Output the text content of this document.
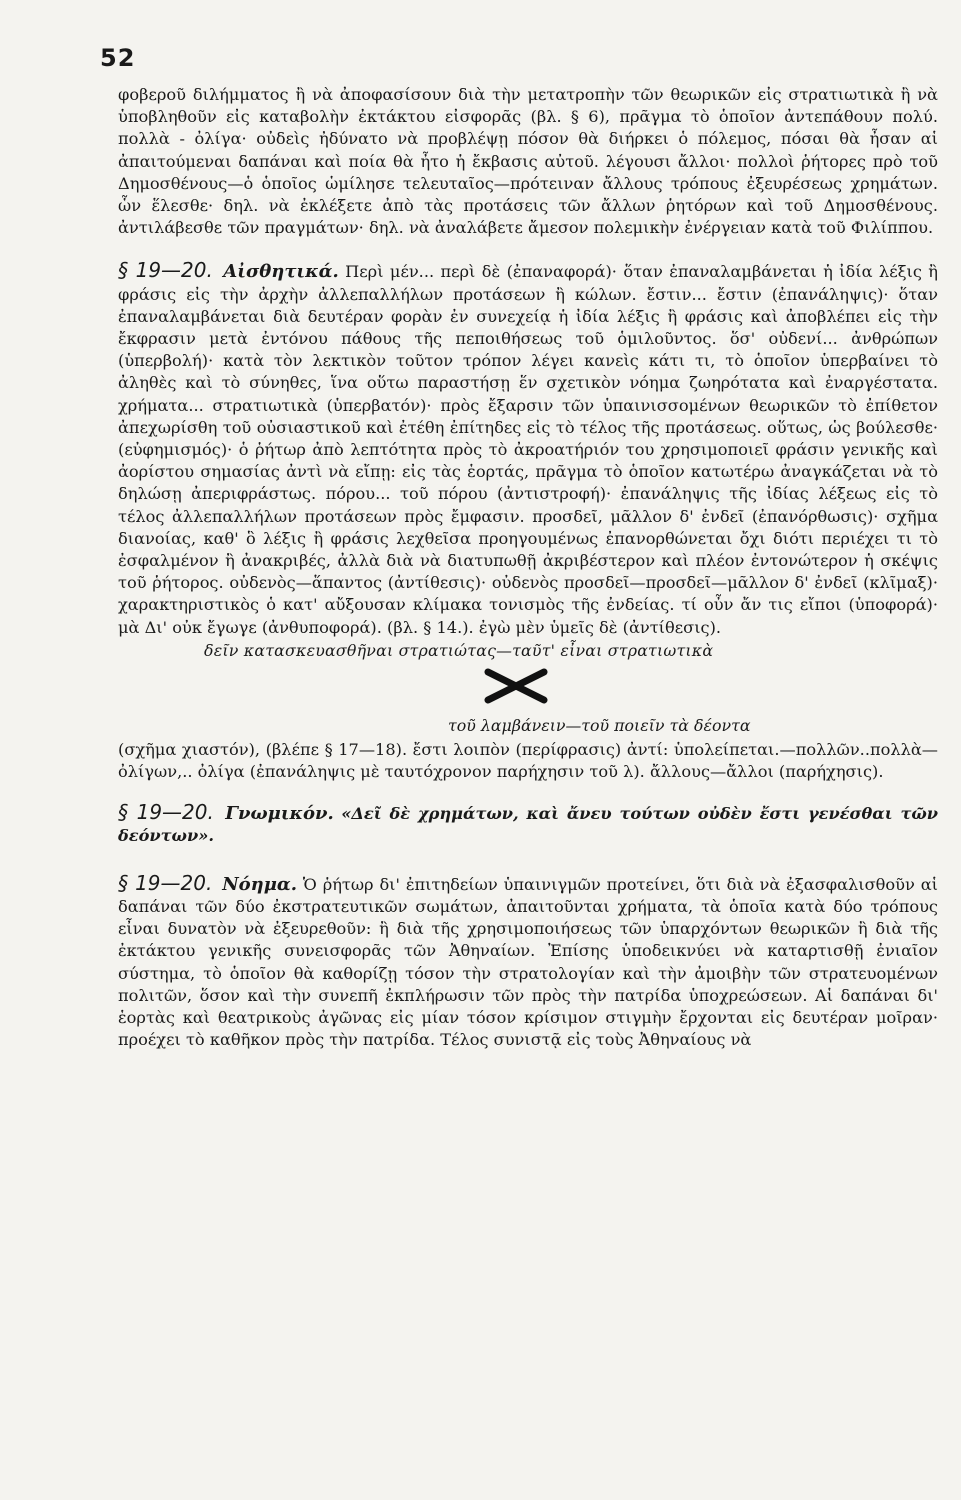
52

φοβεροῦ διλήμματος ἢ νὰ ἀποφασίσουν διὰ τὴν μετατροπὴν τῶν θεωρικῶν εἰς στρατιωτικὰ ἢ νὰ ὑποβληθοῦν εἰς καταβολὴν ἐκτάκτου εἰσφορᾶς (βλ. § 6), πρᾶγμα τὸ ὁποῖον ἀντεπάθουν πολύ. πολλὰ - ὀλίγα· οὐδεὶς ἠδύνατο νὰ προβλέψῃ πόσον θὰ διήρκει ὁ πόλεμος, πόσαι θὰ ἦσαν αἱ ἀπαιτούμεναι δαπάναι καὶ ποία θὰ ἦτο ἡ ἔκβασις αὐτοῦ. λέγουσι ἄλλοι· πολλοὶ ῥήτορες πρὸ τοῦ Δημοσθένους—ὁ ὁποῖος ὡμίλησε τελευταῖος—πρότειναν ἄλλους τρόπους ἐξευρέσεως χρημάτων. ὧν ἕλεσθε· δηλ. νὰ ἐκλέξετε ἀπὸ τὰς προτάσεις τῶν ἄλλων ῥητόρων καὶ τοῦ Δημοσθένους. ἀντιλάβεσθε τῶν πραγμάτων· δηλ. νὰ ἀναλάβετε ἄμεσον πολεμικὴν ἐνέργειαν κατὰ τοῦ Φιλίππου.

§ 19—20. Αἰσθητικά. Περὶ μέν... περὶ δὲ (ἐπαναφορά)· ὅταν ἐπαναλαμβάνεται ἡ ἰδία λέξις ἢ φράσις εἰς τὴν ἀρχὴν ἀλλεπαλλήλων προτάσεων ἢ κώλων. ἔστιν... ἔστιν (ἐπανάληψις)· ὅταν ἐπαναλαμβάνεται διὰ δευτέραν φορὰν ἐν συνεχείᾳ ἡ ἰδία λέξις ἢ φράσις καὶ ἀποβλέπει εἰς τὴν ἔκφρασιν μετὰ ἐντόνου πάθους τῆς πεποιθήσεως τοῦ ὁμιλοῦντος. ὅσ' οὐδενί... ἀνθρώπων (ὑπερβολή)· κατὰ τὸν λεκτικὸν τοῦτον τρόπον λέγει κανεὶς κάτι τι, τὸ ὁποῖον ὑπερβαίνει τὸ ἀληθὲς καὶ τὸ σύνηθες, ἵνα οὕτω παραστήσῃ ἕν σχετικὸν νόημα ζωηρότατα καὶ ἐναργέστατα. χρήματα... στρατιωτικὰ (ὑπερβατόν)· πρὸς ἔξαρσιν τῶν ὑπαινισσομένων θεωρικῶν τὸ ἐπίθετον ἀπεχωρίσθη τοῦ οὐσιαστικοῦ καὶ ἐτέθη ἐπίτηδες εἰς τὸ τέλος τῆς προτάσεως. οὕτως, ὡς βούλεσθε· (εὐφημισμός)· ὁ ῥήτωρ ἀπὸ λεπτότητα πρὸς τὸ ἀκροατήριόν του χρησιμοποιεῖ φράσιν γενικῆς καὶ ἀορίστου σημασίας ἀντὶ νὰ εἴπῃ: εἰς τὰς ἑορτάς, πρᾶγμα τὸ ὁποῖον κατωτέρω ἀναγκάζεται νὰ τὸ δηλώσῃ ἀπεριφράστως. πόρου... τοῦ πόρου (ἀντιστροφή)· ἐπανάληψις τῆς ἰδίας λέξεως εἰς τὸ τέλος ἀλλεπαλλήλων προτάσεων πρὸς ἔμφασιν. προσδεῖ, μᾶλλον δ' ἐνδεῖ (ἐπανόρθωσις)· σχῆμα διανοίας, καθ' ὃ λέξις ἢ φράσις λεχθεῖσα προηγουμένως ἐπανορθώνεται ὄχι διότι περιέχει τι τὸ ἐσφαλμένον ἢ ἀνακριβές, ἀλλὰ διὰ νὰ διατυπωθῇ ἀκριβέστερον καὶ πλέον ἐντονώτερον ἡ σκέψις τοῦ ῥήτορος. οὐδενὸς—ἅπαντος (ἀντίθεσις)· οὐδενὸς προσδεῖ—προσδεῖ—μᾶλλον δ' ἐνδεῖ (κλῖμαξ)· χαρακτηριστικὸς ὁ κατ' αὔξουσαν κλίμακα τονισμὸς τῆς ἐνδείας. τί οὖν ἄν τις εἴποι (ὑποφορά)· μὰ Δι' οὐκ ἔγωγε (ἀνθυποφορά). (βλ. § 14.). ἐγὼ μὲν ὑμεῖς δὲ (ἀντίθεσις).

δεῖν κατασκευασθῆναι στρατιώτας—ταῦτ' εἶναι στρατιωτικὰ
τοῦ λαμβάνειν—τοῦ ποιεῖν τὰ δέοντα

(σχῆμα χιαστόν), (βλέπε § 17—18). ἔστι λοιπὸν (περίφρασις) ἀντί: ὑπολείπεται.—πολλῶν..πολλὰ—ὀλίγων,.. ὀλίγα (ἐπανάληψις μὲ ταυτόχρονον παρήχησιν τοῦ λ). ἄλλους—ἄλλοι (παρήχησις).

§ 19—20. Γνωμικόν. «Δεῖ δὲ χρημάτων, καὶ ἄνευ τούτων οὐδὲν ἔστι γενέσθαι τῶν δεόντων».

§ 19—20. Νόημα. Ὁ ῥήτωρ δι' ἐπιτηδείων ὑπαινιγμῶν προτείνει, ὅτι διὰ νὰ ἐξασφαλισθοῦν αἱ δαπάναι τῶν δύο ἐκστρατευτικῶν σωμάτων, ἀπαιτοῦνται χρήματα, τὰ ὁποῖα κατὰ δύο τρόπους εἶναι δυνατὸν νὰ ἐξευρεθοῦν: ἢ διὰ τῆς χρησιμοποιήσεως τῶν ὑπαρχόντων θεωρικῶν ἢ διὰ τῆς ἐκτάκτου γενικῆς συνεισφορᾶς τῶν Ἀθηναίων. Ἐπίσης ὑποδεικνύει νὰ καταρτισθῇ ἐνιαῖον σύστημα, τὸ ὁποῖον θὰ καθορίζῃ τόσον τὴν στρατολογίαν καὶ τὴν ἀμοιβὴν τῶν στρατευομένων πολιτῶν, ὅσον καὶ τὴν συνεπῆ ἐκπλήρωσιν τῶν πρὸς τὴν πατρίδα ὑποχρεώσεων. Αἱ δαπάναι δι' ἑορτὰς καὶ θεατρικοὺς ἀγῶνας εἰς μίαν τόσον κρίσιμον στιγμὴν ἔρχονται εἰς δευτέραν μοῖραν· προέχει τὸ καθῆκον πρὸς τὴν πατρίδα. Τέλος συνιστᾷ εἰς τοὺς Ἀθηναίους νὰ
